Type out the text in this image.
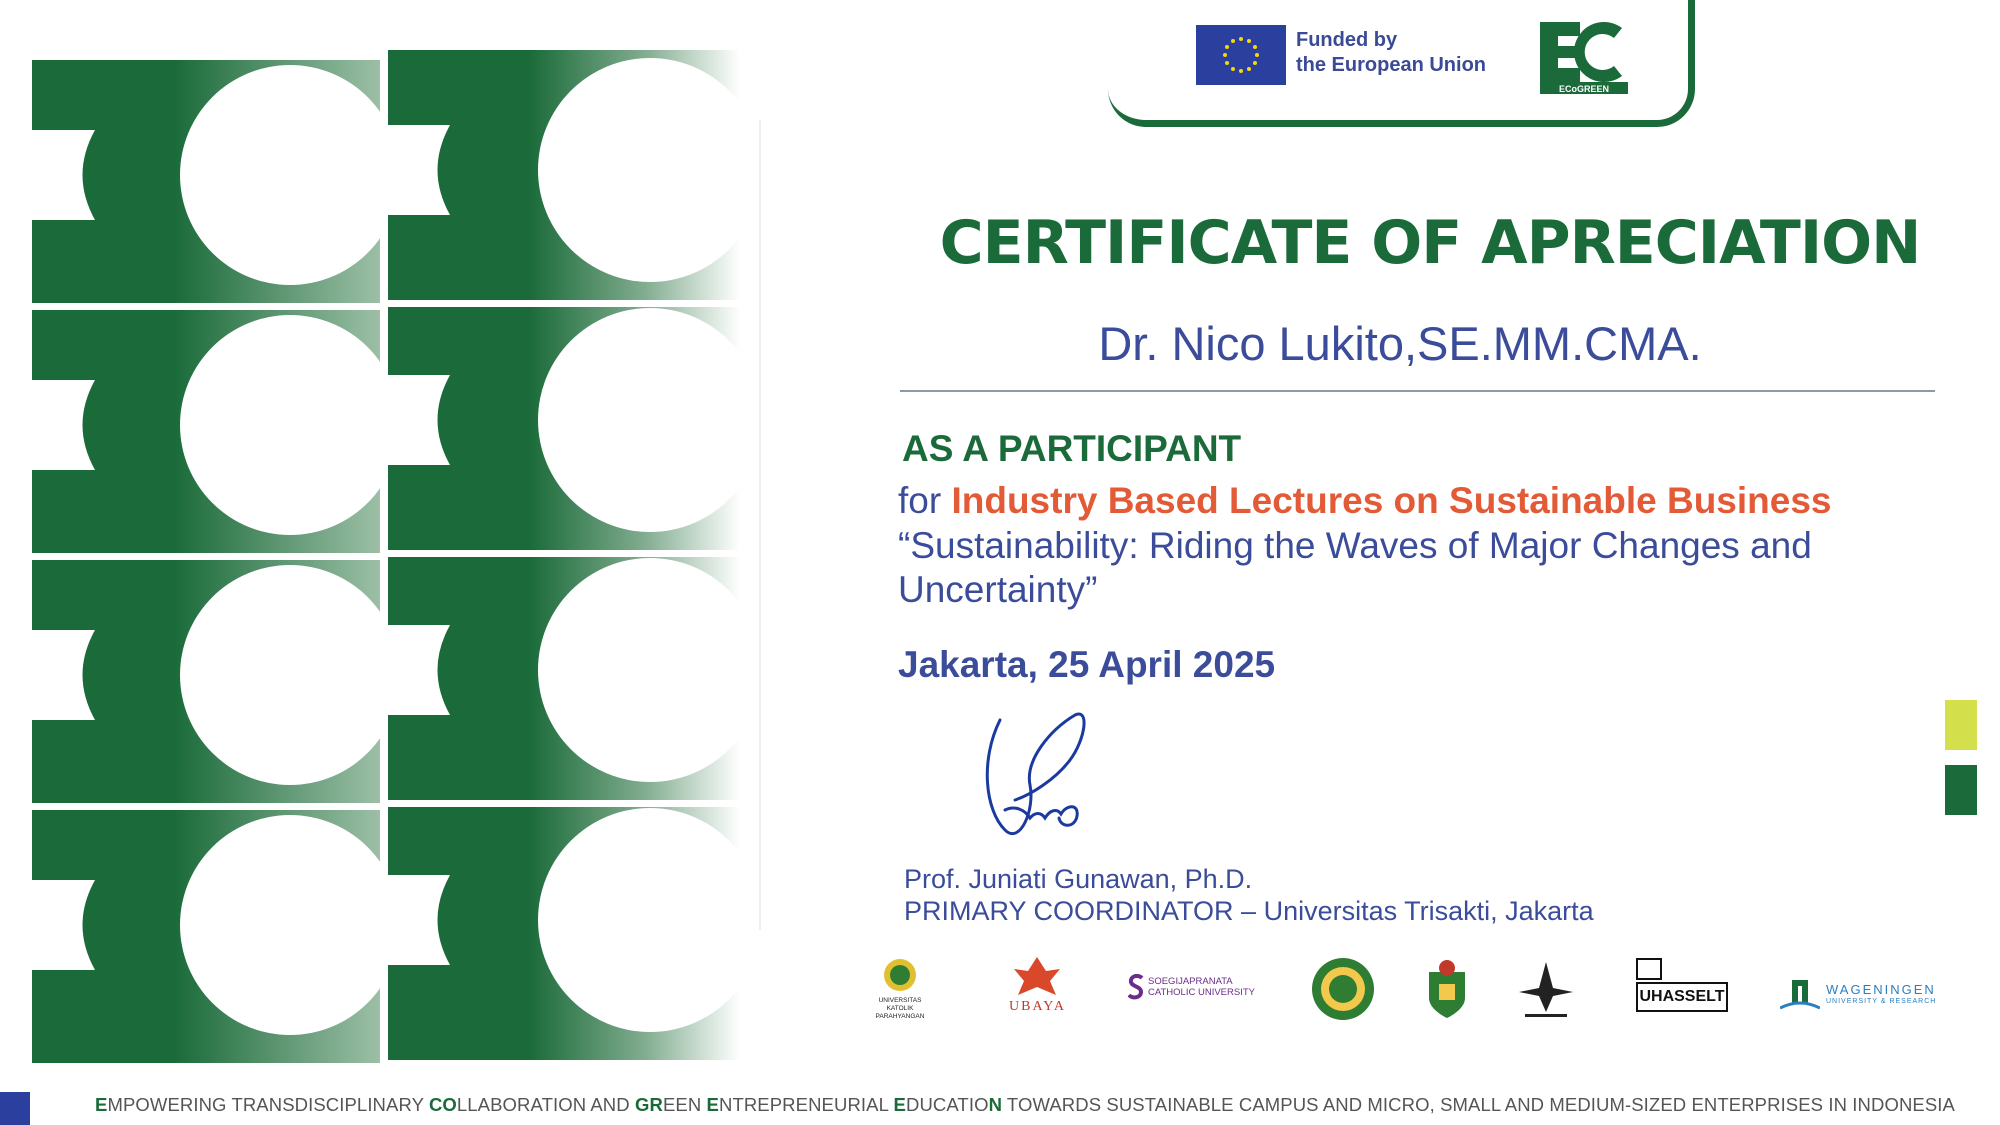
Funded by
the European Union
ECoGREEN
CERTIFICATE OF APRECIATION
Dr. Nico Lukito,SE.MM.CMA.
AS A PARTICIPANT
for Industry Based Lectures on Sustainable Business
“Sustainability: Riding the Waves of Major Changes and Uncertainty”
Jakarta, 25 April 2025
Prof. Juniati Gunawan, Ph.D.
PRIMARY COORDINATOR – Universitas Trisakti, Jakarta
UNIVERSITAS KATOLIK PARAHYANGAN
UBAYA
SOEGIJAPRANATA CATHOLIC UNIVERSITY	UHASSELT	WAGENINGEN
UNIVERSITY & RESEARCH
EMPOWERING TRANSDISCIPLINARY COLLABORATION AND GREEN ENTREPRENEURIAL EDUCATION TOWARDS SUSTAINABLE CAMPUS AND MICRO, SMALL AND MEDIUM-SIZED ENTERPRISES IN INDONESIA
